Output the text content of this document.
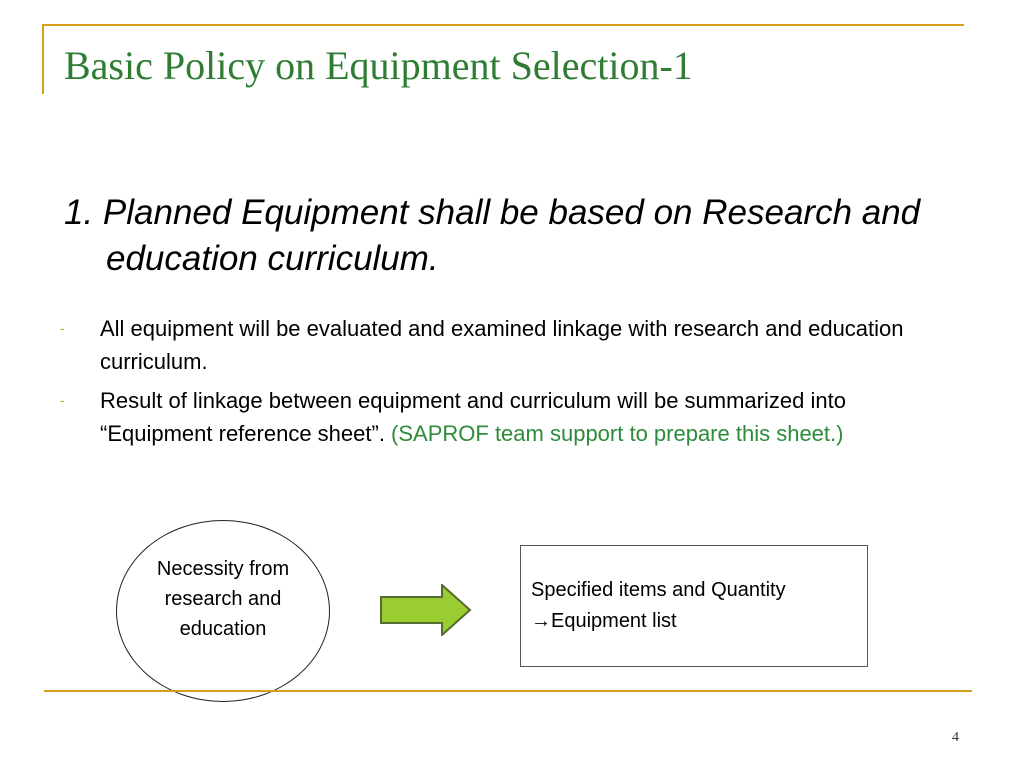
Basic Policy on Equipment Selection-1
1. Planned Equipment shall be based on Research and education curriculum.
- All equipment will be evaluated and examined linkage with research and education curriculum.
- Result of linkage between equipment and curriculum will be summarized into “Equipment reference sheet”. (SAPROF team support to prepare this sheet.)
Necessity from research and education
Specified items and Quantity
→Equipment list
4
